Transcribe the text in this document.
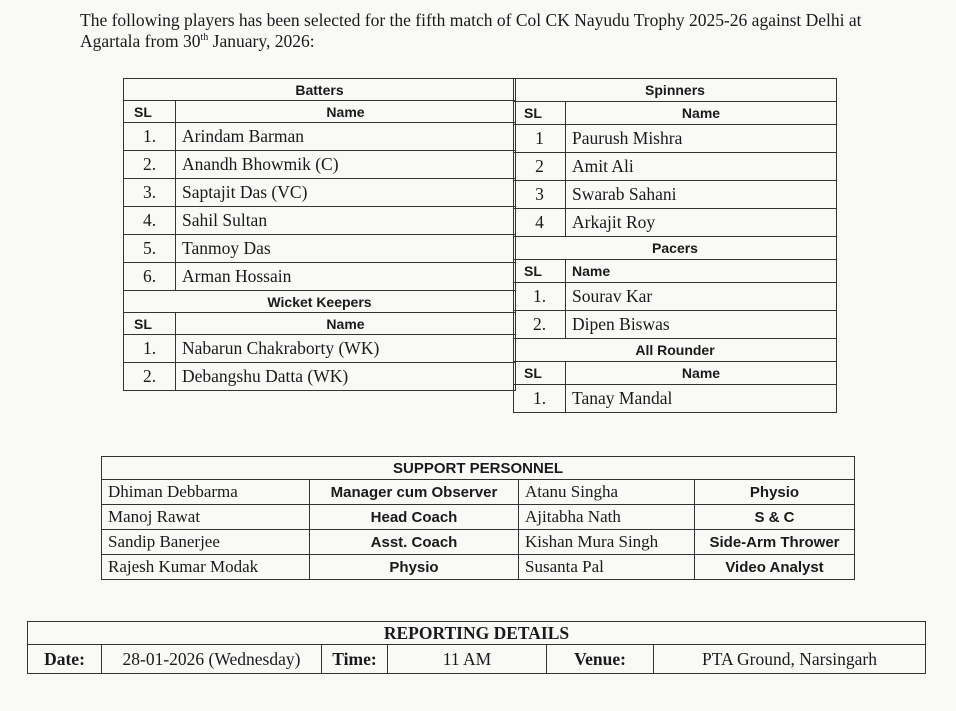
The following players has been selected for the fifth match of Col CK Nayudu Trophy 2025-26 against Delhi at Agartala from 30th January, 2026:

Batters	
SL	Name
1.	Arindam Barman
2.	Anandh Bhowmik (C)
3.	Saptajit Das (VC)
4.	Sahil Sultan
5.	Tanmoy Das
6.	Arman Hossain
Wicket Keepers	
SL	Name
1.	Nabarun Chakraborty (WK)
2.	Debangshu Datta (WK)
Spinners	
SL	Name
1	Paurush Mishra
2	Amit Ali
3	Swarab Sahani
4	Arkajit Roy
Pacers	
SL	Name
1.	Sourav Kar
2.	Dipen Biswas
All Rounder	
SL	Name
1.	Tanay Mandal
SUPPORT PERSONNEL			
Dhiman Debbarma	Manager cum Observer	Atanu Singha	Physio
Manoj Rawat	Head Coach	Ajitabha Nath	S & C
Sandip Banerjee	Asst. Coach	Kishan Mura Singh	Side-Arm Thrower
Rajesh Kumar Modak	Physio	Susanta Pal	Video Analyst
REPORTING DETAILS
Date:	28-01-2026 (Wednesday)	Time:	11 AM	Venue:	PTA Ground, Narsingarh
